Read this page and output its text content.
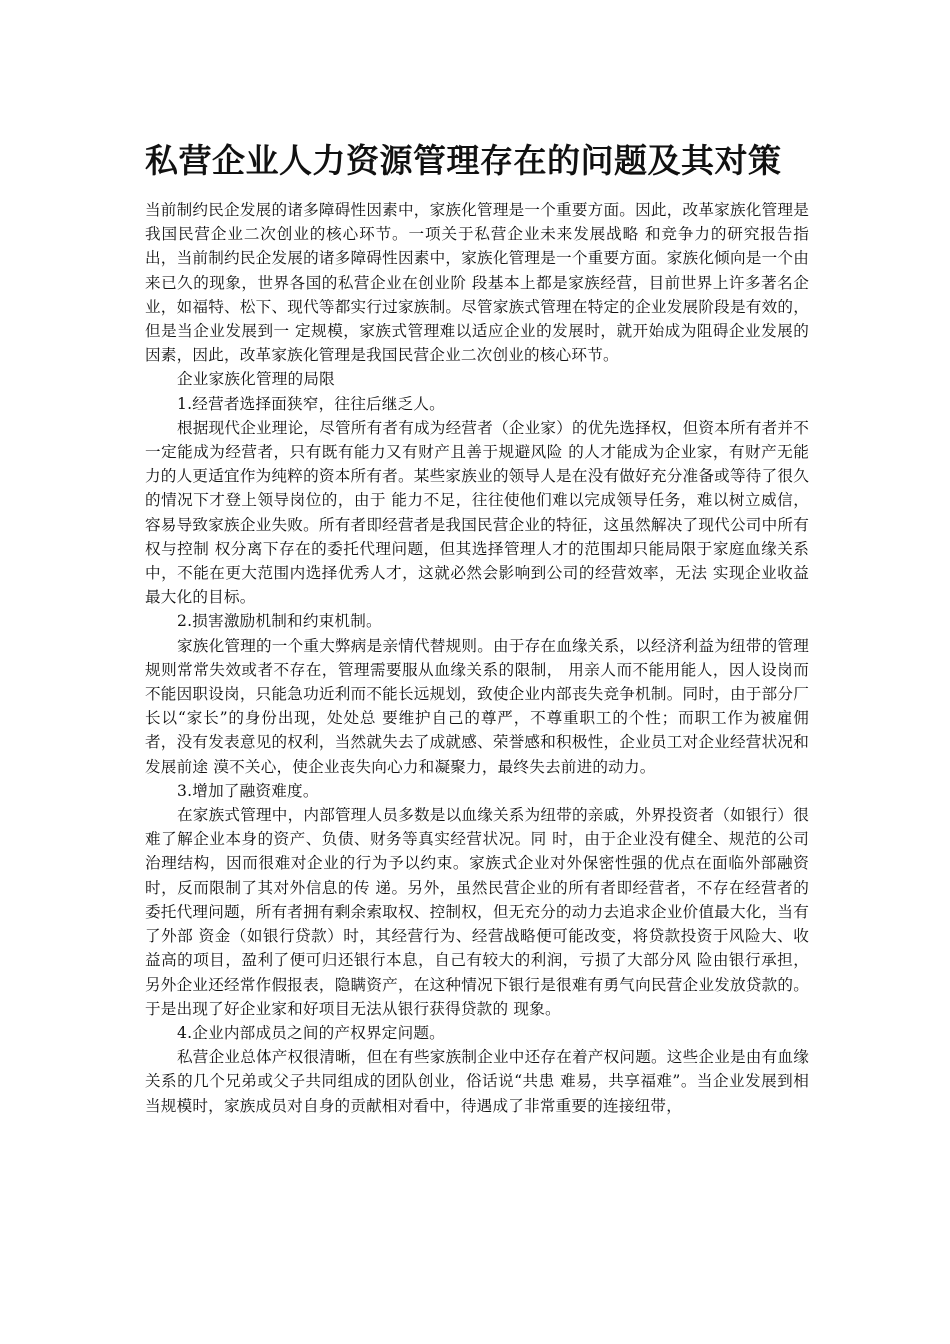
私营企业人力资源管理存在的问题及其对策

当前制约民企发展的诸多障碍性因素中，家族化管理是一个重要方面。因此，改革家族化管理是我国民营企业二次创业的核心环节。一项关于私营企业未来发展战略 和竞争力的研究报告指出，当前制约民企发展的诸多障碍性因素中，家族化管理是一个重要方面。家族化倾向是一个由来已久的现象，世界各国的私营企业在创业阶 段基本上都是家族经营，目前世界上许多著名企业，如福特、松下、现代等都实行过家族制。尽管家族式管理在特定的企业发展阶段是有效的，但是当企业发展到一 定规模，家族式管理难以适应企业的发展时，就开始成为阻碍企业发展的因素，因此，改革家族化管理是我国民营企业二次创业的核心环节。

企业家族化管理的局限

1.经营者选择面狭窄，往往后继乏人。

根据现代企业理论，尽管所有者有成为经营者（企业家）的优先选择权，但资本所有者并不一定能成为经营者，只有既有能力又有财产且善于规避风险 的人才能成为企业家，有财产无能力的人更适宜作为纯粹的资本所有者。某些家族业的领导人是在没有做好充分准备或等待了很久的情况下才登上领导岗位的，由于 能力不足，往往使他们难以完成领导任务，难以树立威信，容易导致家族企业失败。所有者即经营者是我国民营企业的特征，这虽然解决了现代公司中所有权与控制 权分离下存在的委托代理问题，但其选择管理人才的范围却只能局限于家庭血缘关系中，不能在更大范围内选择优秀人才，这就必然会影响到公司的经营效率，无法 实现企业收益最大化的目标。

2.损害激励机制和约束机制。

家族化管理的一个重大弊病是亲情代替规则。由于存在血缘关系，以经济利益为纽带的管理规则常常失效或者不存在，管理需要服从血缘关系的限制， 用亲人而不能用能人，因人设岗而不能因职设岗，只能急功近利而不能长远规划，致使企业内部丧失竞争机制。同时，由于部分厂长以“家长”的身份出现，处处总 要维护自己的尊严，不尊重职工的个性；而职工作为被雇佣者，没有发表意见的权利，当然就失去了成就感、荣誉感和积极性，企业员工对企业经营状况和发展前途 漠不关心，使企业丧失向心力和凝聚力，最终失去前进的动力。

3.增加了融资难度。

在家族式管理中，内部管理人员多数是以血缘关系为纽带的亲戚，外界投资者（如银行）很难了解企业本身的资产、负债、财务等真实经营状况。同 时，由于企业没有健全、规范的公司治理结构，因而很难对企业的行为予以约束。家族式企业对外保密性强的优点在面临外部融资时，反而限制了其对外信息的传 递。另外，虽然民营企业的所有者即经营者，不存在经营者的委托代理问题，所有者拥有剩余索取权、控制权，但无充分的动力去追求企业价值最大化，当有了外部 资金（如银行贷款）时，其经营行为、经营战略便可能改变，将贷款投资于风险大、收益高的项目，盈利了便可归还银行本息，自己有较大的利润，亏损了大部分风 险由银行承担，另外企业还经常作假报表，隐瞒资产，在这种情况下银行是很难有勇气向民营企业发放贷款的。于是出现了好企业家和好项目无法从银行获得贷款的 现象。

4.企业内部成员之间的产权界定问题。

私营企业总体产权很清晰，但在有些家族制企业中还存在着产权问题。这些企业是由有血缘关系的几个兄弟或父子共同组成的团队创业，俗话说“共患 难易，共享福难”。当企业发展到相当规模时，家族成员对自身的贡献相对看中，待遇成了非常重要的连接纽带，
